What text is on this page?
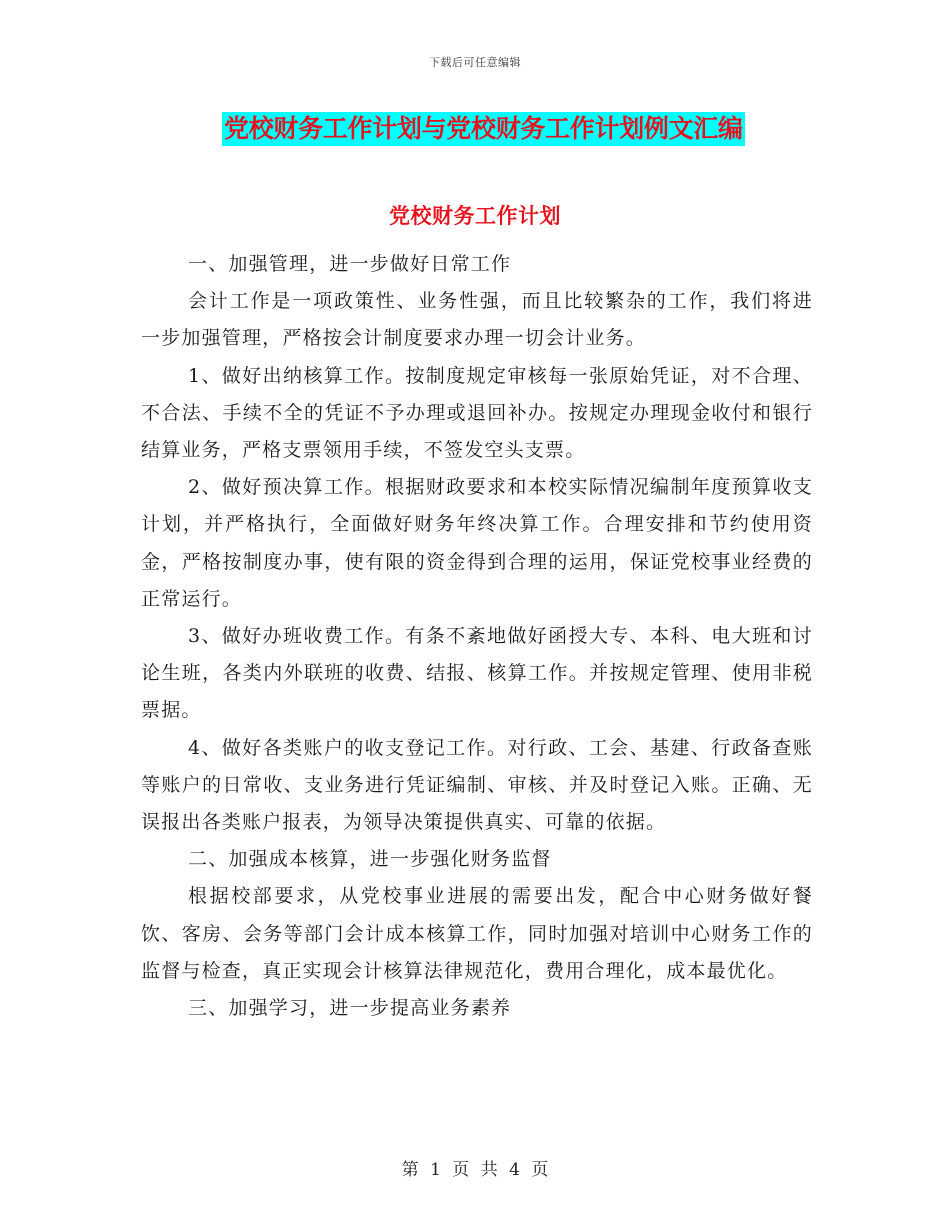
下载后可任意编辑
党校财务工作计划与党校财务工作计划例文汇编
党校财务工作计划

一、加强管理，进一步做好日常工作

会计工作是一项政策性、业务性强，而且比较繁杂的工作，我们将进一步加强管理，严格按会计制度要求办理一切会计业务。

1、做好出纳核算工作。按制度规定审核每一张原始凭证，对不合理、不合法、手续不全的凭证不予办理或退回补办。按规定办理现金收付和银行结算业务，严格支票领用手续，不签发空头支票。

2、做好预决算工作。根据财政要求和本校实际情况编制年度预算收支计划，并严格执行，全面做好财务年终决算工作。合理安排和节约使用资金，严格按制度办事，使有限的资金得到合理的运用，保证党校事业经费的正常运行。

3、做好办班收费工作。有条不紊地做好函授大专、本科、电大班和讨论生班，各类内外联班的收费、结报、核算工作。并按规定管理、使用非税票据。

4、做好各类账户的收支登记工作。对行政、工会、基建、行政备查账等账户的日常收、支业务进行凭证编制、审核、并及时登记入账。正确、无误报出各类账户报表，为领导决策提供真实、可靠的依据。

二、加强成本核算，进一步强化财务监督

根据校部要求，从党校事业进展的需要出发，配合中心财务做好餐饮、客房、会务等部门会计成本核算工作，同时加强对培训中心财务工作的监督与检查，真正实现会计核算法律规范化，费用合理化，成本最优化。

三、加强学习，进一步提高业务素养

第 1 页 共 4 页
